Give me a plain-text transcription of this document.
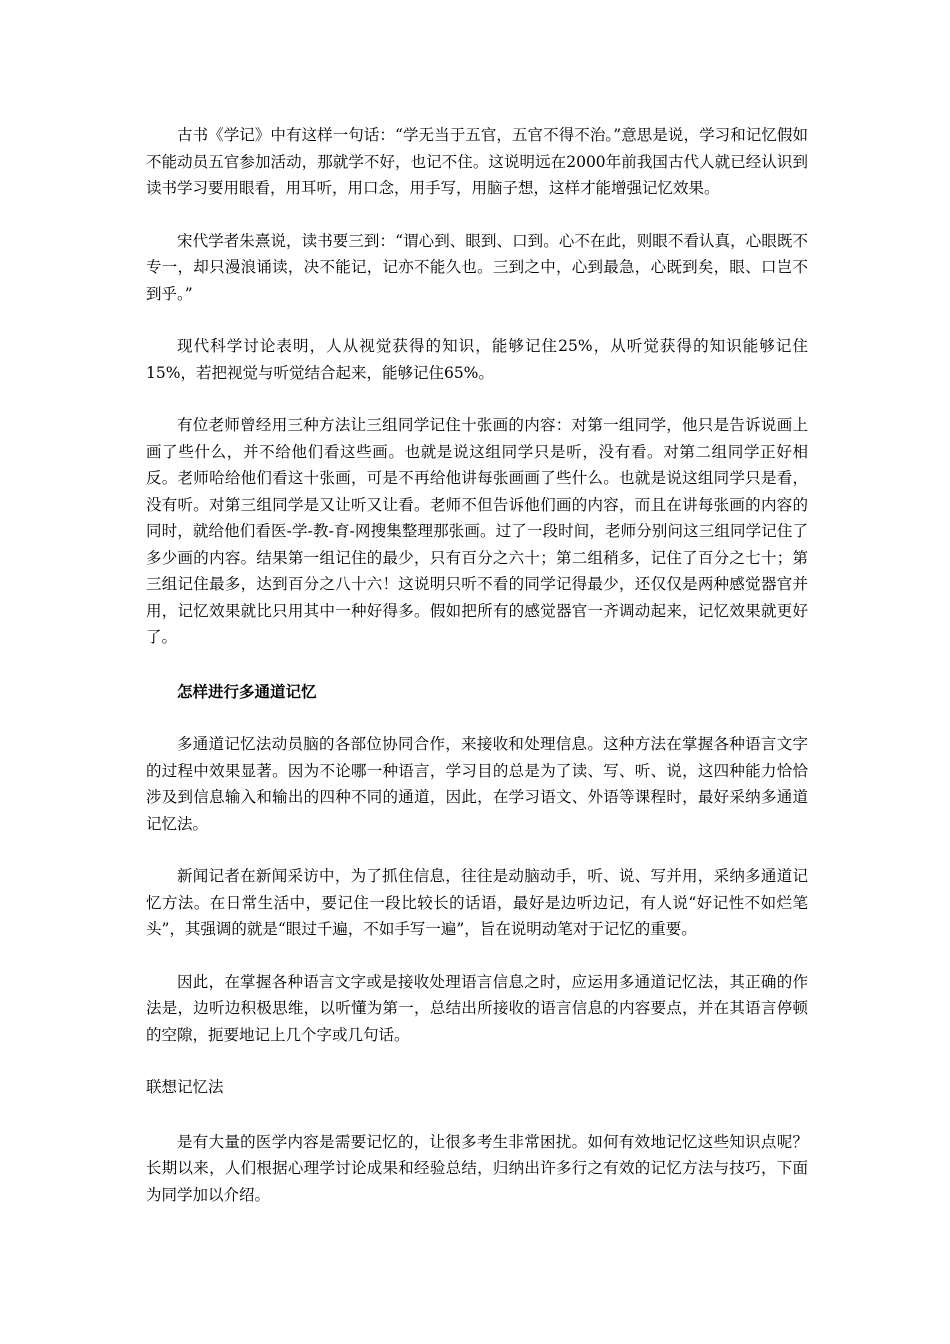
古书《学记》中有这样一句话：“学无当于五官，五官不得不治。”意思是说，学习和记忆假如不能动员五官参加活动，那就学不好，也记不住。这说明远在2000年前我国古代人就已经认识到读书学习要用眼看，用耳听，用口念，用手写，用脑子想，这样才能增强记忆效果。

宋代学者朱熹说，读书要三到：“谓心到、眼到、口到。心不在此，则眼不看认真，心眼既不专一，却只漫浪诵读，决不能记，记亦不能久也。三到之中，心到最急，心既到矣，眼、口岂不到乎。”

现代科学讨论表明，人从视觉获得的知识，能够记住25%，从听觉获得的知识能够记住15%，若把视觉与听觉结合起来，能够记住65%。

有位老师曾经用三种方法让三组同学记住十张画的内容：对第一组同学，他只是告诉说画上画了些什么，并不给他们看这些画。也就是说这组同学只是听，没有看。对第二组同学正好相反。老师哈给他们看这十张画，可是不再给他讲每张画画了些什么。也就是说这组同学只是看，没有听。对第三组同学是又让听又让看。老师不但告诉他们画的内容，而且在讲每张画的内容的同时，就给他们看医-学-教-育-网搜集整理那张画。过了一段时间，老师分别问这三组同学记住了多少画的内容。结果第一组记住的最少，只有百分之六十；第二组稍多，记住了百分之七十；第三组记住最多，达到百分之八十六！这说明只听不看的同学记得最少，还仅仅是两种感觉器官并用，记忆效果就比只用其中一种好得多。假如把所有的感觉器官一齐调动起来，记忆效果就更好了。

怎样进行多通道记忆

多通道记忆法动员脑的各部位协同合作，来接收和处理信息。这种方法在掌握各种语言文字的过程中效果显著。因为不论哪一种语言，学习目的总是为了读、写、听、说，这四种能力恰恰涉及到信息输入和输出的四种不同的通道，因此，在学习语文、外语等课程时，最好采纳多通道记忆法。

新闻记者在新闻采访中，为了抓住信息，往往是动脑动手，听、说、写并用，采纳多通道记忆方法。在日常生活中，要记住一段比较长的话语，最好是边听边记，有人说“好记性不如烂笔头”，其强调的就是“眼过千遍，不如手写一遍”，旨在说明动笔对于记忆的重要。

因此，在掌握各种语言文字或是接收处理语言信息之时，应运用多通道记忆法，其正确的作法是，边听边积极思维，以听懂为第一，总结出所接收的语言信息的内容要点，并在其语言停顿的空隙，扼要地记上几个字或几句话。

联想记忆法

是有大量的医学内容是需要记忆的，让很多考生非常困扰。如何有效地记忆这些知识点呢？长期以来，人们根据心理学讨论成果和经验总结，归纳出许多行之有效的记忆方法与技巧，下面为同学加以介绍。
